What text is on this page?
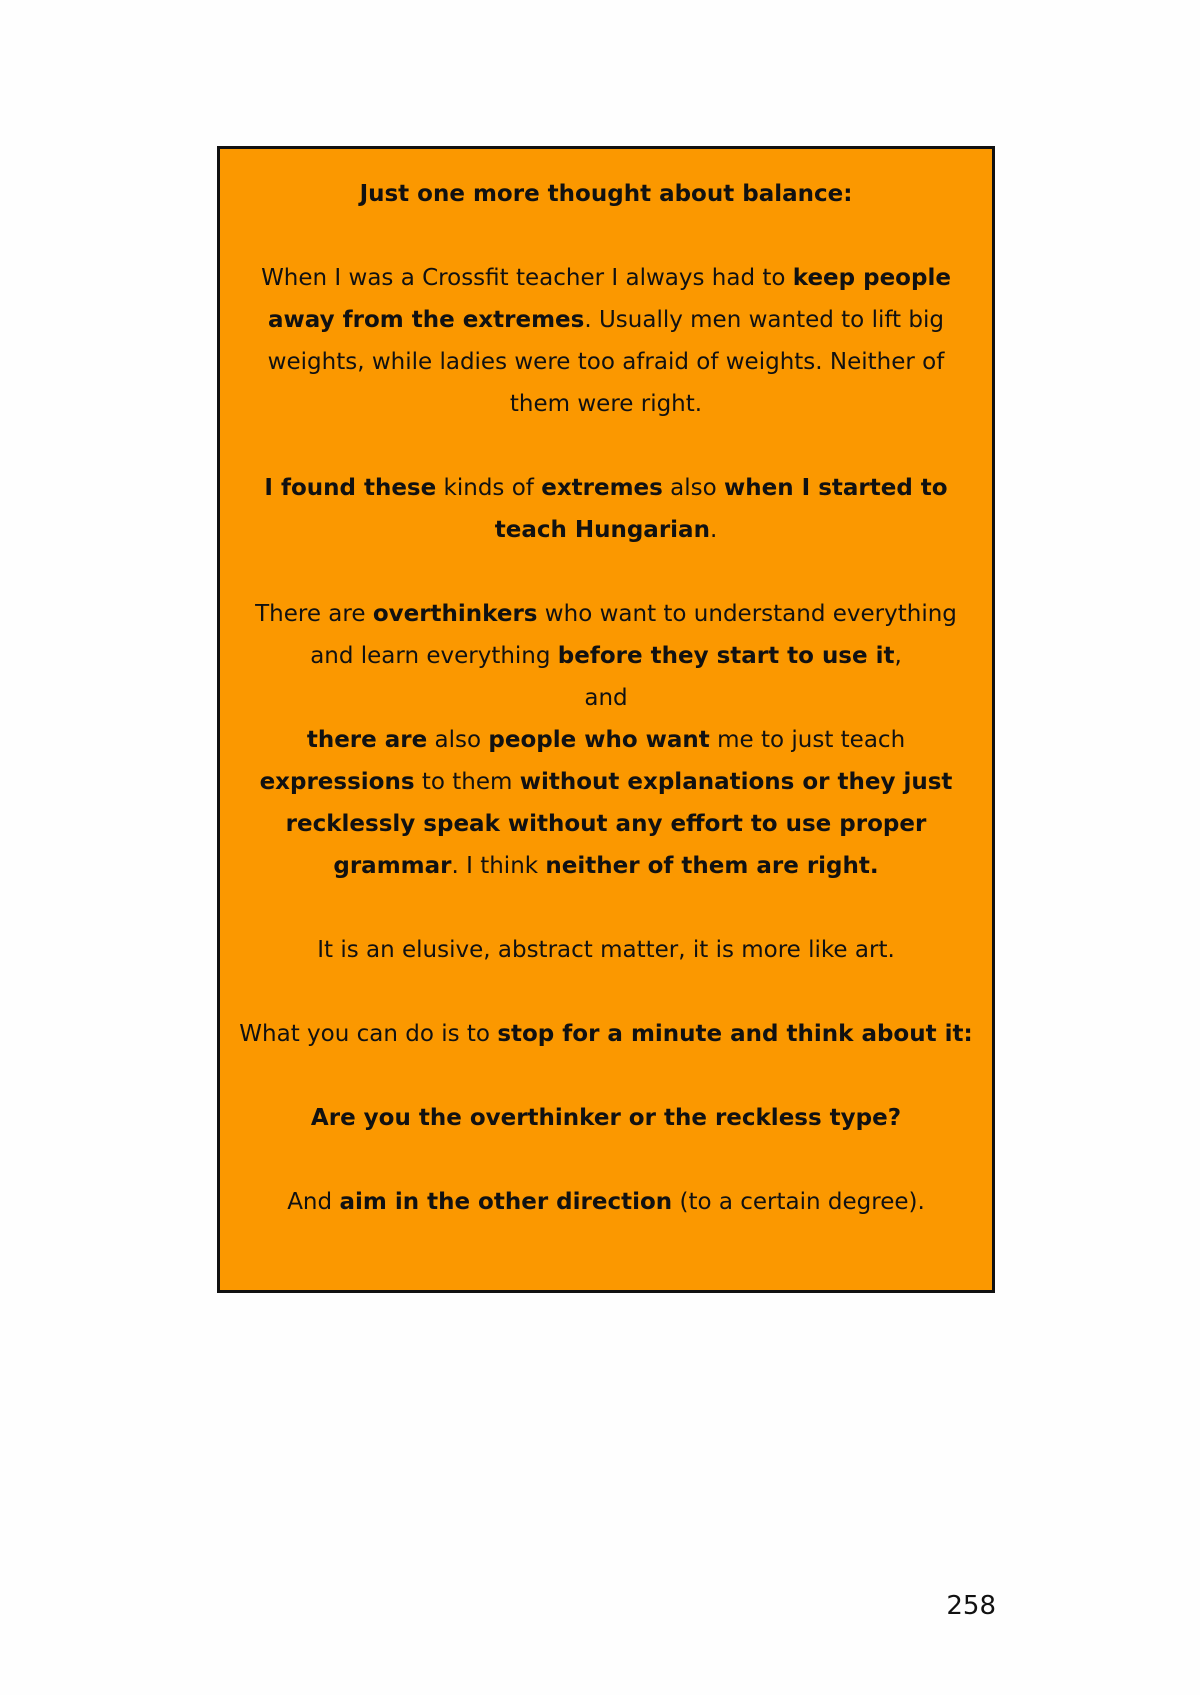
Just one more thought about balance:
When I was a Crossfit teacher I always had to keep people away from the extremes. Usually men wanted to lift big weights, while ladies were too afraid of weights. Neither of them were right.
I found these kinds of extremes also when I started to teach Hungarian.
There are overthinkers who want to understand everything and learn everything before they start to use it,
and
there are also people who want me to just teach expressions to them without explanations or they just recklessly speak without any effort to use proper grammar. I think neither of them are right.
It is an elusive, abstract matter, it is more like art.
What you can do is to stop for a minute and think about it:
Are you the overthinker or the reckless type?
And aim in the other direction (to a certain degree).
258
